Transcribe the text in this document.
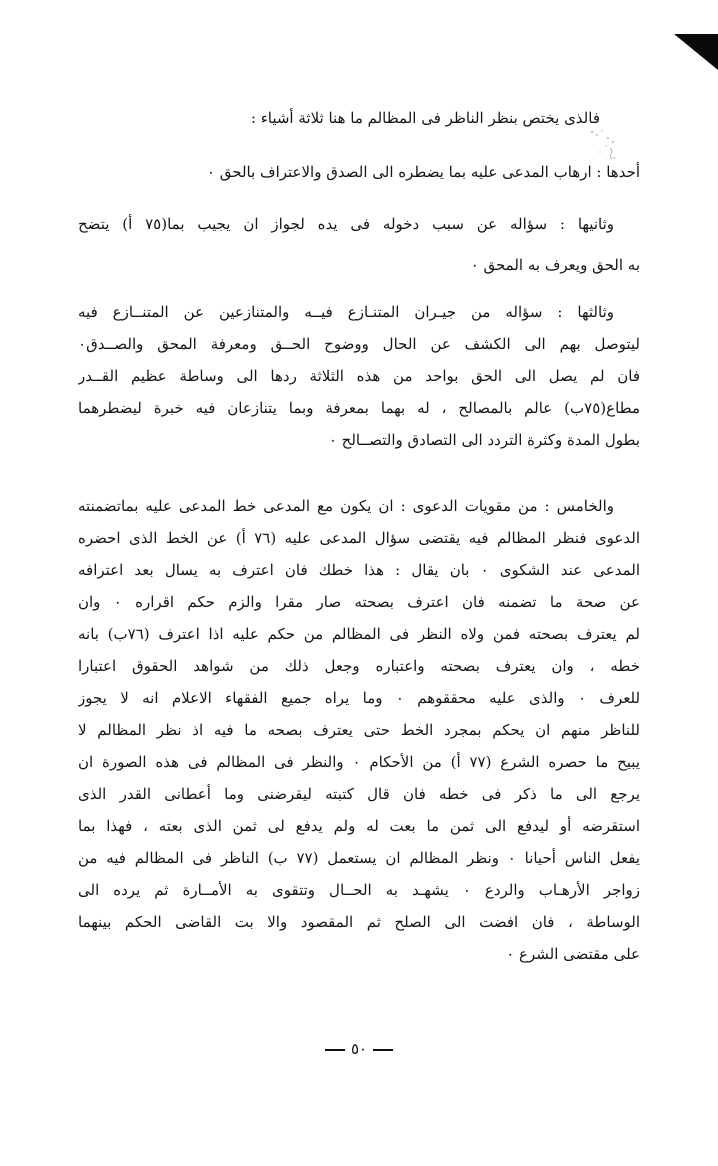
فالذى يختص بنظر الناظر فى المظالم ما هنا ثلاثة أشياء :
أحدها : ارهاب المدعى عليه بما يضطره الى الصدق والاعتراف بالحق ٠
وثانيها : سؤاله عن سبب دخوله فى يده لجواز ان يجيب بما(٧٥ أ) يتضح
به الحق ويعرف به المحق ٠
وثالثها : سؤاله من جيـران المتنـازع فيــه والمتنازعين عن المتنــازع فيه
ليتوصل بهم الى الكشف عن الحال ووضوح الحــق ومعرفة المحق والصــدق٠
فان لم يصل الى الحق بواحد من هذه الثلاثة ردها الى وساطة عظيم القــدر
مطاع(٧٥ب) عالم بالمصالح ، له بهما بمعرفة وبما يتنازعان فيه خبرة ليضطرهما
بطول المدة وكثرة التردد الى التصادق والتصــالح ٠
والخامس : من مقويات الدعوى : ان يكون مع المدعى خط المدعى عليه بماتضمنته
الدعوى فنظر المظالم فيه يقتضى سؤال المدعى عليه (٧٦ أ) عن الخط الذى احضره
المدعى عند الشكوى ٠ بان يقال : هذا خطك فان اعترف به يسال بعد اعترافه
عن صحة ما تضمنه فان اعترف بصحته صار مقرا والزم حكم اقراره ٠ وان
لم يعترف بصحته فمن ولاه النظر فى المظالم من حكم عليه اذا اعترف (٧٦ب) بانه
خطه ، وان يعترف بصحته واعتباره وجعل ذلك من شواهد الحقوق اعتبارا
للعرف ٠ والذى عليه محققوهم ٠ وما يراه جميع الفقهاء الاعلام انه لا يجوز
للناظر منهم ان يحكم بمجرد الخط حتى يعترف بصحه ما فيه اذ نظر المظالم لا
يبيح ما حصره الشرع (٧٧ أ) من الأحكام ٠ والنظر فى المظالم فى هذه الصورة ان
يرجع الى ما ذكر فى خطه فان قال كتبته ليقرضنى وما أعطانى القدر الذى
استقرضه أو ليدفع الى ثمن ما بعت له ولم يدفع لى ثمن الذى بعته ، فهذا بما
يفعل الناس أحيانا ٠ ونظر المظالم ان يستعمل (٧٧ ب) الناظر فى المظالم فيه من
زواجر الأرهـاب والردع ٠ يشهـد به الحــال وتتقوى به الأمــارة ثم يرده الى
الوساطة ، فان افضت الى الصلح ثم المقصود والا بت القاضى الحكم بينهما
على مقتضى الشرع ٠
٥٠
